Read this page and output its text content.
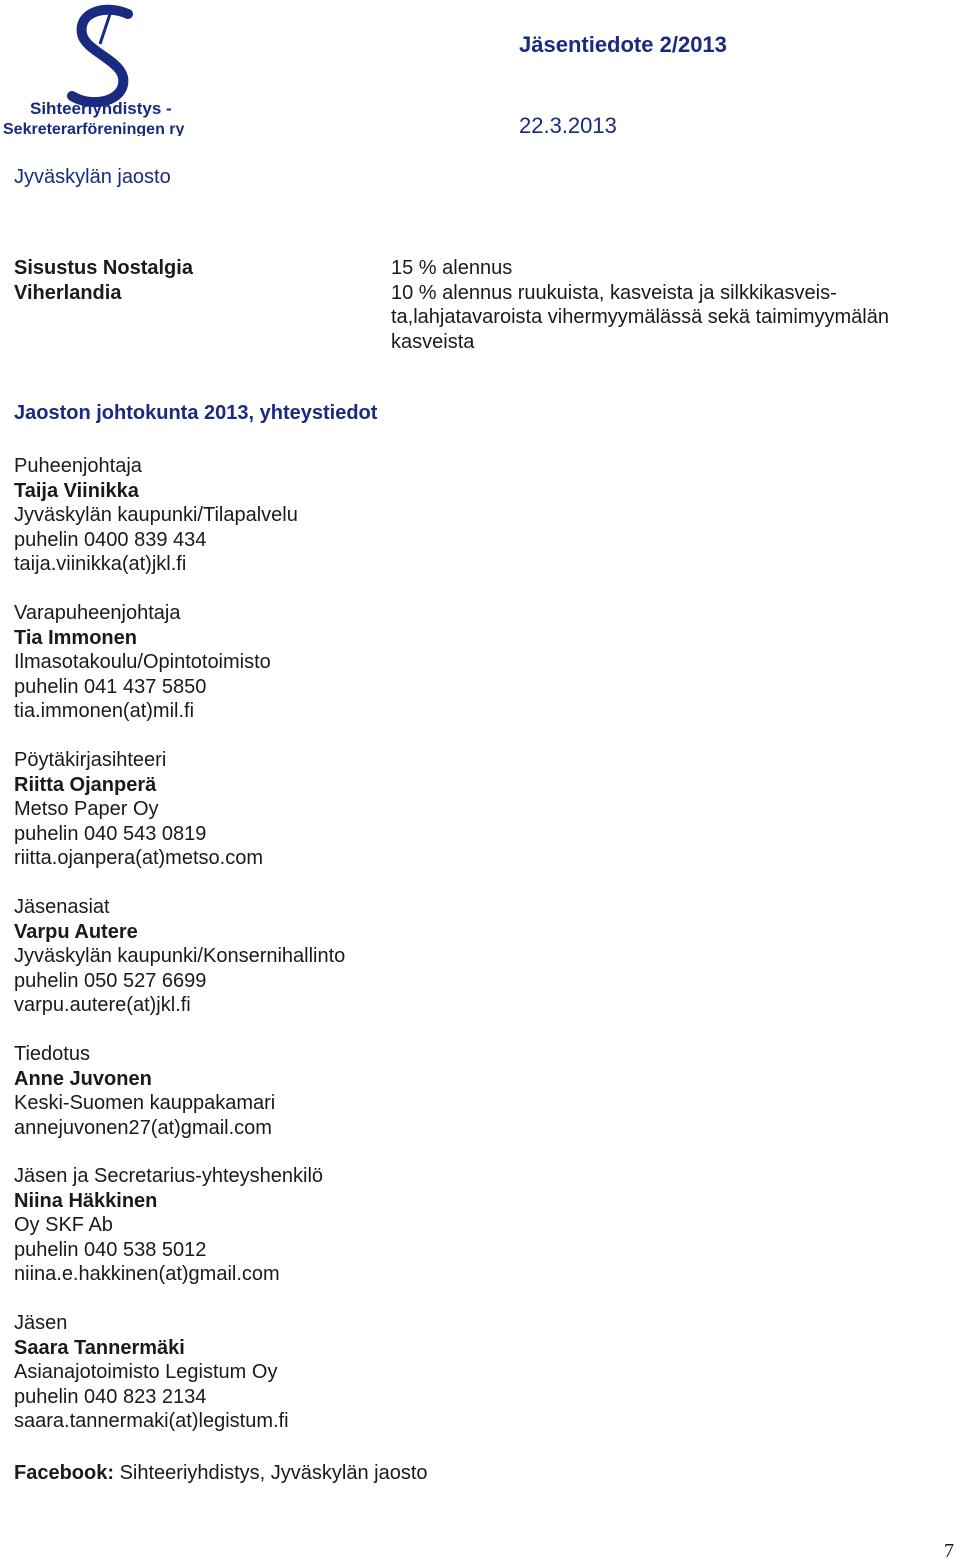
Sihteeriyhdistys -
Sekreterarföreningen ry
Jäsentiedote 2/2013
22.3.2013
Jyväskylän jaosto
Sisustus Nostalgia
Viherlandia
15 % alennus
10 % alennus ruukuista, kasveista ja silkkikasveis-
ta,lahjatavaroista vihermyymälässä sekä taimimyymälän
kasveista
Jaoston johtokunta 2013, yhteystiedot
Puheenjohtaja
Taija Viinikka
Jyväskylän kaupunki/Tilapalvelu
puhelin 0400 839 434
taija.viinikka(at)jkl.fi
Varapuheenjohtaja
Tia Immonen
Ilmasotakoulu/Opintotoimisto
puhelin 041 437 5850
tia.immonen(at)mil.fi
Pöytäkirjasihteeri
Riitta Ojanperä
Metso Paper Oy
puhelin 040 543 0819
riitta.ojanpera(at)metso.com
Jäsenasiat
Varpu Autere
Jyväskylän kaupunki/Konsernihallinto
puhelin 050 527 6699
varpu.autere(at)jkl.fi
Tiedotus
Anne Juvonen
Keski-Suomen kauppakamari
annejuvonen27(at)gmail.com
Jäsen ja Secretarius-yhteyshenkilö
Niina Häkkinen
Oy SKF Ab
puhelin 040 538 5012
niina.e.hakkinen(at)gmail.com
Jäsen
Saara Tannermäki
Asianajotoimisto Legistum Oy
puhelin 040 823 2134
saara.tannermaki(at)legistum.fi
Facebook: Sihteeriyhdistys, Jyväskylän jaosto
7
